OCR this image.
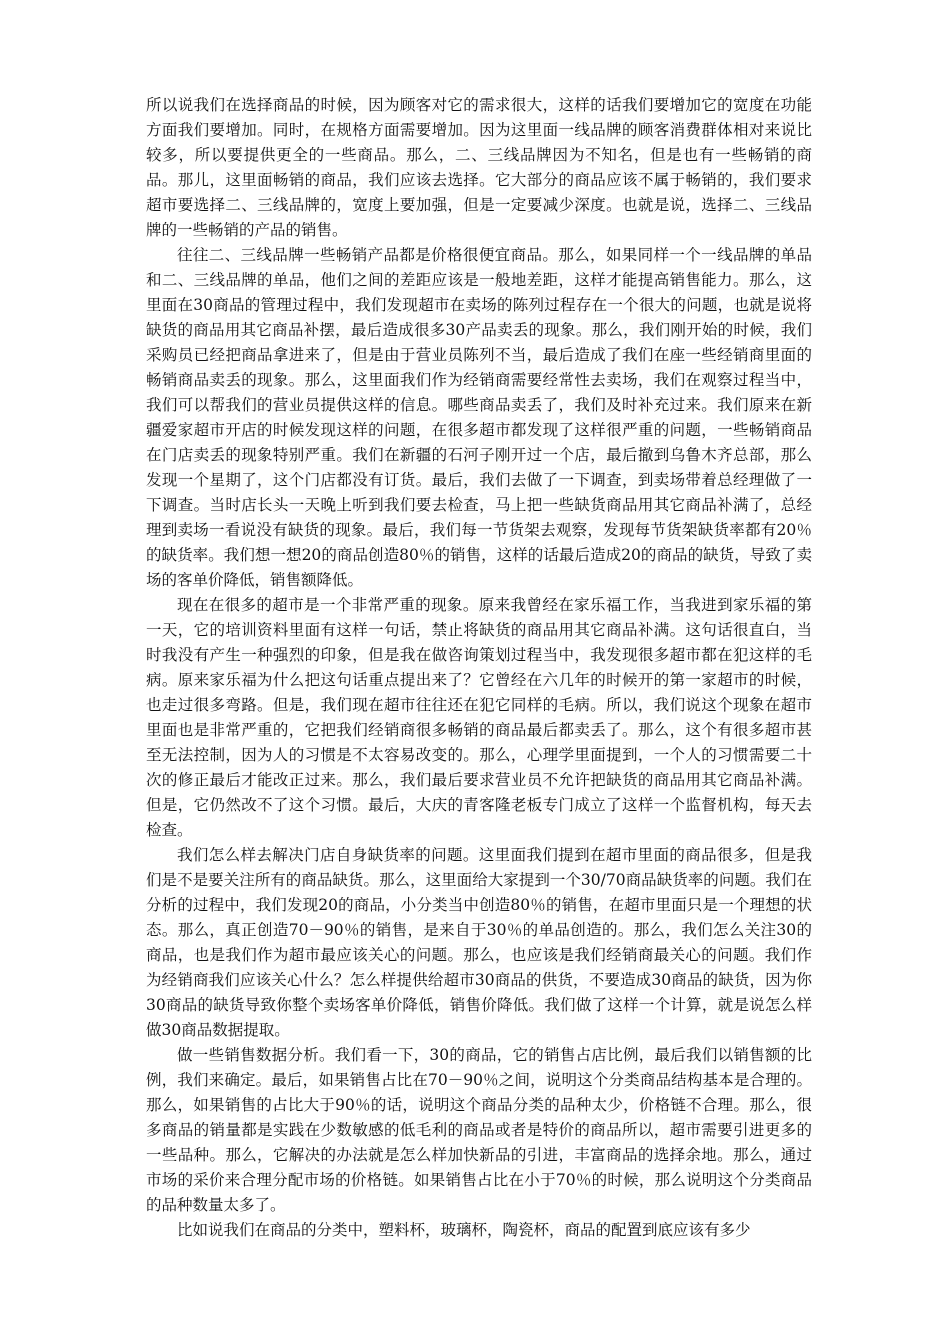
所以说我们在选择商品的时候，因为顾客对它的需求很大，这样的话我们要增加它的宽度在功能方面我们要增加。同时，在规格方面需要增加。因为这里面一线品牌的顾客消费群体相对来说比较多，所以要提供更全的一些商品。那么，二、三线品牌因为不知名，但是也有一些畅销的商品。那儿，这里面畅销的商品，我们应该去选择。它大部分的商品应该不属于畅销的，我们要求超市要选择二、三线品牌的，宽度上要加强，但是一定要减少深度。也就是说，选择二、三线品牌的一些畅销的产品的销售。

往往二、三线品牌一些畅销产品都是价格很便宜商品。那么，如果同样一个一线品牌的单品和二、三线品牌的单品，他们之间的差距应该是一般地差距，这样才能提高销售能力。那么，这里面在30商品的管理过程中，我们发现超市在卖场的陈列过程存在一个很大的问题，也就是说将缺货的商品用其它商品补摆，最后造成很多30产品卖丢的现象。那么，我们刚开始的时候，我们采购员已经把商品拿进来了，但是由于营业员陈列不当，最后造成了我们在座一些经销商里面的畅销商品卖丢的现象。那么，这里面我们作为经销商需要经常性去卖场，我们在观察过程当中，我们可以帮我们的营业员提供这样的信息。哪些商品卖丢了，我们及时补充过来。我们原来在新疆爱家超市开店的时候发现这样的问题，在很多超市都发现了这样很严重的问题，一些畅销商品在门店卖丢的现象特别严重。我们在新疆的石河子刚开过一个店，最后撤到乌鲁木齐总部，那么发现一个星期了，这个门店都没有订货。最后，我们去做了一下调查，到卖场带着总经理做了一下调查。当时店长头一天晚上听到我们要去检查，马上把一些缺货商品用其它商品补满了，总经理到卖场一看说没有缺货的现象。最后，我们每一节货架去观察，发现每节货架缺货率都有20％的缺货率。我们想一想20的商品创造80％的销售，这样的话最后造成20的商品的缺货，导致了卖场的客单价降低，销售额降低。

现在在很多的超市是一个非常严重的现象。原来我曾经在家乐福工作，当我进到家乐福的第一天，它的培训资料里面有这样一句话，禁止将缺货的商品用其它商品补满。这句话很直白，当时我没有产生一种强烈的印象，但是我在做咨询策划过程当中，我发现很多超市都在犯这样的毛病。原来家乐福为什么把这句话重点提出来了？它曾经在六几年的时候开的第一家超市的时候，也走过很多弯路。但是，我们现在超市往往还在犯它同样的毛病。所以，我们说这个现象在超市里面也是非常严重的，它把我们经销商很多畅销的商品最后都卖丢了。那么，这个有很多超市甚至无法控制，因为人的习惯是不太容易改变的。那么，心理学里面提到，一个人的习惯需要二十次的修正最后才能改正过来。那么，我们最后要求营业员不允许把缺货的商品用其它商品补满。但是，它仍然改不了这个习惯。最后，大庆的青客隆老板专门成立了这样一个监督机构，每天去检查。

我们怎么样去解决门店自身缺货率的问题。这里面我们提到在超市里面的商品很多，但是我们是不是要关注所有的商品缺货。那么，这里面给大家提到一个30/70商品缺货率的问题。我们在分析的过程中，我们发现20的商品，小分类当中创造80％的销售，在超市里面只是一个理想的状态。那么，真正创造70－90％的销售，是来自于30％的单品创造的。那么，我们怎么关注30的商品，也是我们作为超市最应该关心的问题。那么，也应该是我们经销商最关心的问题。我们作为经销商我们应该关心什么？怎么样提供给超市30商品的供货，不要造成30商品的缺货，因为你30商品的缺货导致你整个卖场客单价降低，销售价降低。我们做了这样一个计算，就是说怎么样做30商品数据提取。

做一些销售数据分析。我们看一下，30的商品，它的销售占店比例，最后我们以销售额的比例，我们来确定。最后，如果销售占比在70－90％之间，说明这个分类商品结构基本是合理的。那么，如果销售的占比大于90％的话，说明这个商品分类的品种太少，价格链不合理。那么，很多商品的销量都是实践在少数敏感的低毛利的商品或者是特价的商品所以，超市需要引进更多的一些品种。那么，它解决的办法就是怎么样加快新品的引进，丰富商品的选择余地。那么，通过市场的采价来合理分配市场的价格链。如果销售占比在小于70％的时候，那么说明这个分类商品的品种数量太多了。

比如说我们在商品的分类中，塑料杯，玻璃杯，陶瓷杯，商品的配置到底应该有多少
